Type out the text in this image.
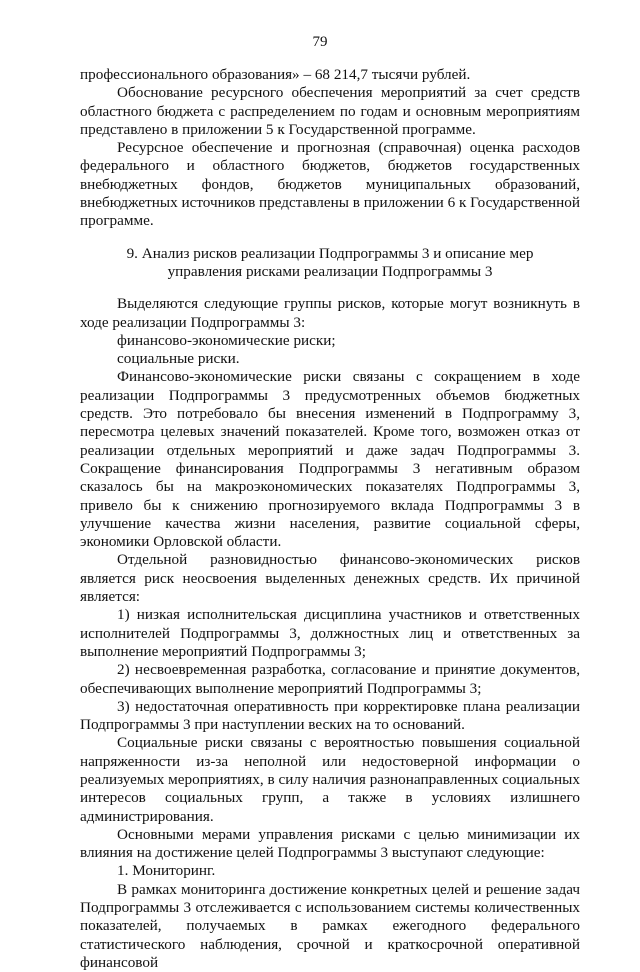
79

профессионального образования» – 68 214,7 тысячи рублей.

Обоснование ресурсного обеспечения мероприятий за счет средств областного бюджета с распределением по годам и основным мероприятиям представлено в приложении 5 к Государственной программе.

Ресурсное обеспечение и прогнозная (справочная) оценка расходов федерального и областного бюджетов, бюджетов государственных внебюджетных фондов, бюджетов муниципальных образований, внебюджетных источников представлены в приложении 6 к Государственной программе.

9. Анализ рисков реализации Подпрограммы 3 и описание мер управления рисками реализации Подпрограммы 3

Выделяются следующие группы рисков, которые могут возникнуть в ходе реализации Подпрограммы 3:

финансово-экономические риски;

социальные риски.

Финансово-экономические риски связаны с сокращением в ходе реализации Подпрограммы 3 предусмотренных объемов бюджетных средств. Это потребовало бы внесения изменений в Подпрограмму 3, пересмотра целевых значений показателей. Кроме того, возможен отказ от реализации отдельных мероприятий и даже задач Подпрограммы 3. Сокращение финансирования Подпрограммы 3 негативным образом сказалось бы на макроэкономических показателях Подпрограммы 3, привело бы к снижению прогнозируемого вклада Подпрограммы 3 в улучшение качества жизни населения, развитие социальной сферы, экономики Орловской области.

Отдельной разновидностью финансово-экономических рисков является риск неосвоения выделенных денежных средств. Их причиной является:

1) низкая исполнительская дисциплина участников и ответственных исполнителей Подпрограммы 3, должностных лиц и ответственных за выполнение мероприятий Подпрограммы 3;

2) несвоевременная разработка, согласование и принятие документов, обеспечивающих выполнение мероприятий Подпрограммы 3;

3) недостаточная оперативность при корректировке плана реализации Подпрограммы 3 при наступлении веских на то оснований.

Социальные риски связаны с вероятностью повышения социальной напряженности из-за неполной или недостоверной информации о реализуемых мероприятиях, в силу наличия разнонаправленных социальных интересов социальных групп, а также в условиях излишнего администрирования.

Основными мерами управления рисками с целью минимизации их влияния на достижение целей Подпрограммы 3 выступают следующие:

1. Мониторинг.

В рамках мониторинга достижение конкретных целей и решение задач Подпрограммы 3 отслеживается с использованием системы количественных показателей, получаемых в рамках ежегодного федерального статистического наблюдения, срочной и краткосрочной оперативной финансовой
